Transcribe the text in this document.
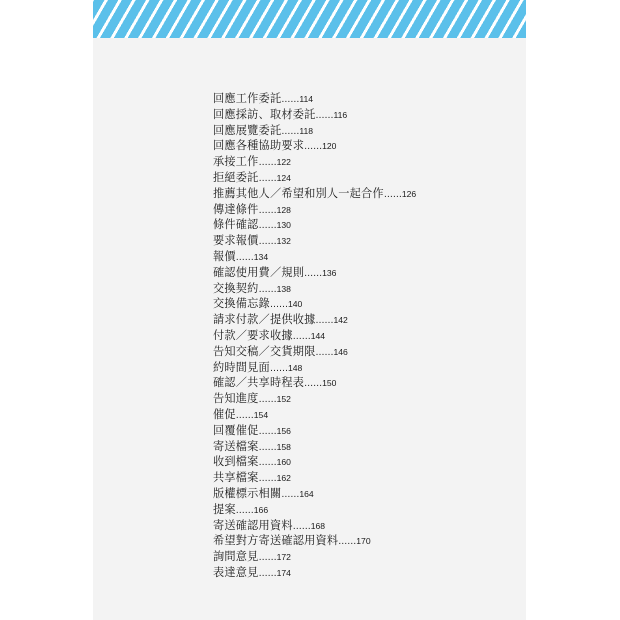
回應工作委託……114
回應採訪、取材委託……116
回應展覽委託……118
回應各種協助要求……120
承接工作……122
拒絕委託……124
推薦其他人／希望和別人一起合作……126
傳達條件……128
條件確認……130
要求報價……132
報價……134
確認使用費／規則……136
交換契約……138
交換備忘錄……140
請求付款／提供收據……142
付款／要求收據……144
告知交稿／交貨期限……146
約時間見面……148
確認／共享時程表……150
告知進度……152
催促……154
回覆催促……156
寄送檔案……158
收到檔案……160
共享檔案……162
版權標示相關……164
提案……166
寄送確認用資料……168
希望對方寄送確認用資料……170
詢問意見……172
表達意見……174
